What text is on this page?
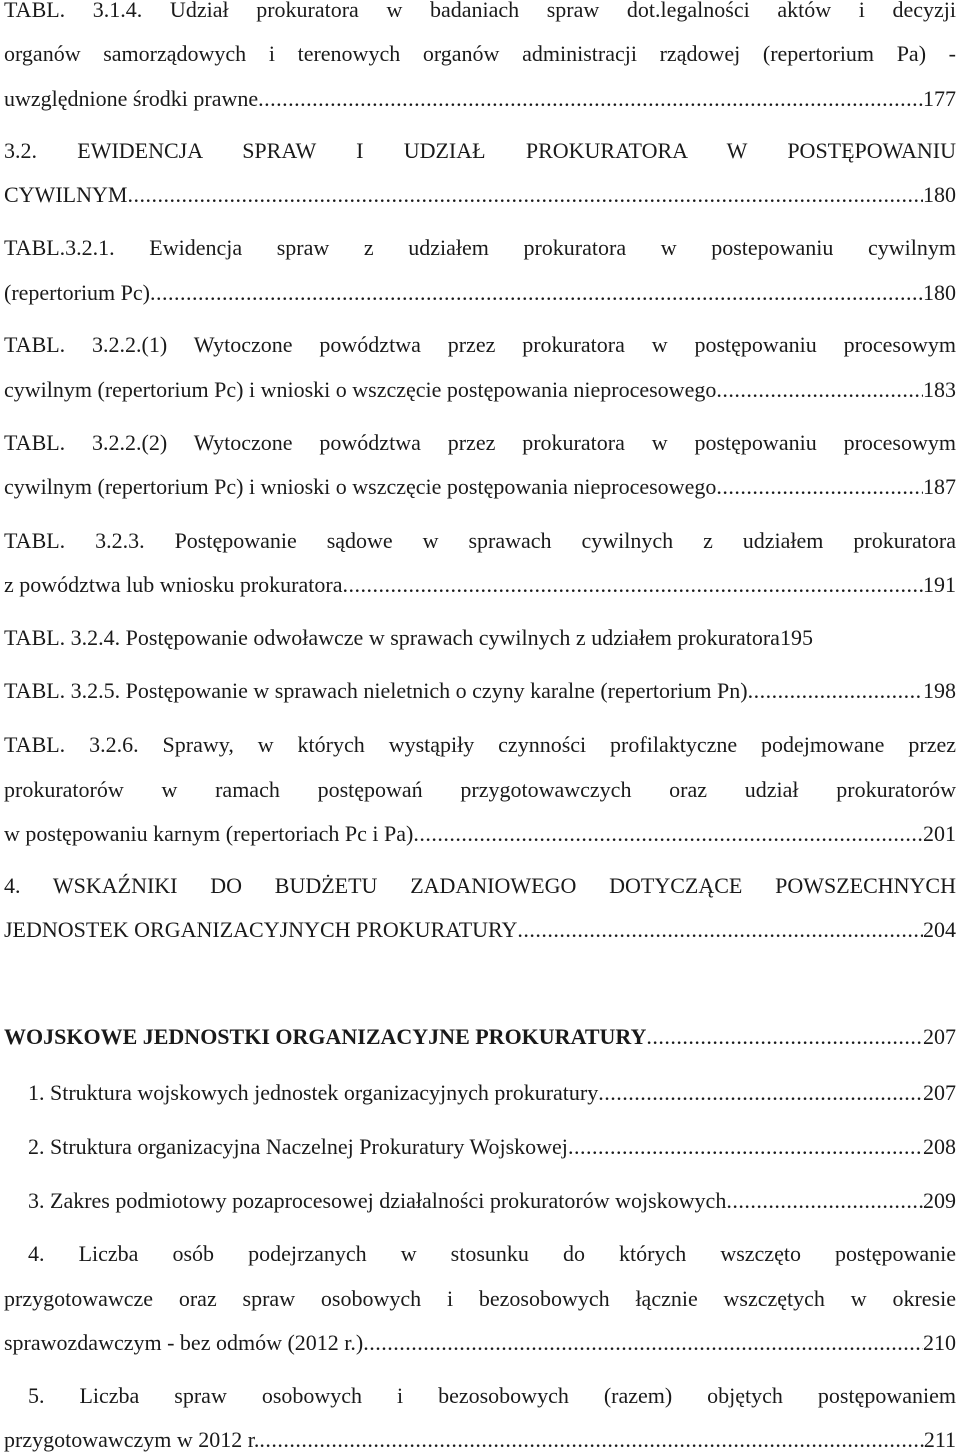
TABL. 3.1.4. Udział prokuratora w badaniach spraw dot.legalności aktów i decyzji
organów samorządowych i terenowych organów administracji rządowej (repertorium Pa) -
uwzględnione środki prawne .....	177
3.2. EWIDENCJA SPRAW I UDZIAŁ PROKURATORA W POSTĘPOWANIU
CYWILNYM .....	180
TABL.3.2.1. Ewidencja spraw z udziałem prokuratora w postepowaniu cywilnym
(repertorium Pc) .....	180
TABL. 3.2.2.(1) Wytoczone powództwa przez prokuratora w postępowaniu procesowym
cywilnym (repertorium Pc) i wnioski o wszczęcie postępowania nieprocesowego .....	183
TABL. 3.2.2.(2) Wytoczone powództwa przez prokuratora w postępowaniu procesowym
cywilnym (repertorium Pc) i wnioski o wszczęcie postępowania nieprocesowego .....	187
TABL. 3.2.3. Postępowanie sądowe w sprawach cywilnych z udziałem prokuratora
z powództwa lub wniosku prokuratora .....	191
TABL. 3.2.4. Postępowanie odwoławcze w sprawach cywilnych z udziałem prokuratora 195
TABL. 3.2.5. Postępowanie w sprawach nieletnich o czyny karalne (repertorium Pn) .....	198
TABL. 3.2.6. Sprawy, w których wystąpiły czynności profilaktyczne podejmowane przez
prokuratorów w ramach postępowań przygotowawczych oraz udział prokuratorów
w postępowaniu karnym (repertoriach Pc i Pa) .....	201
4. WSKAŹNIKI DO BUDŻETU ZADANIOWEGO DOTYCZĄCE POWSZECHNYCH
JEDNOSTEK ORGANIZACYJNYCH PROKURATURY .....	204
WOJSKOWE JEDNOSTKI ORGANIZACYJNE PROKURATURY .....	207
1. Struktura wojskowych jednostek organizacyjnych prokuratury .....	207
2. Struktura organizacyjna Naczelnej Prokuratury Wojskowej .....	208
3. Zakres podmiotowy pozaprocesowej działalności prokuratorów wojskowych .....	209
4. Liczba osób podejrzanych w stosunku do których wszczęto postępowanie
przygotowawcze oraz spraw osobowych i bezosobowych łącznie wszczętych w okresie
sprawozdawczym - bez odmów (2012 r.) .....	210
5. Liczba spraw osobowych i bezosobowych (razem) objętych postępowaniem
przygotowawczym w 2012 r. .....	211
